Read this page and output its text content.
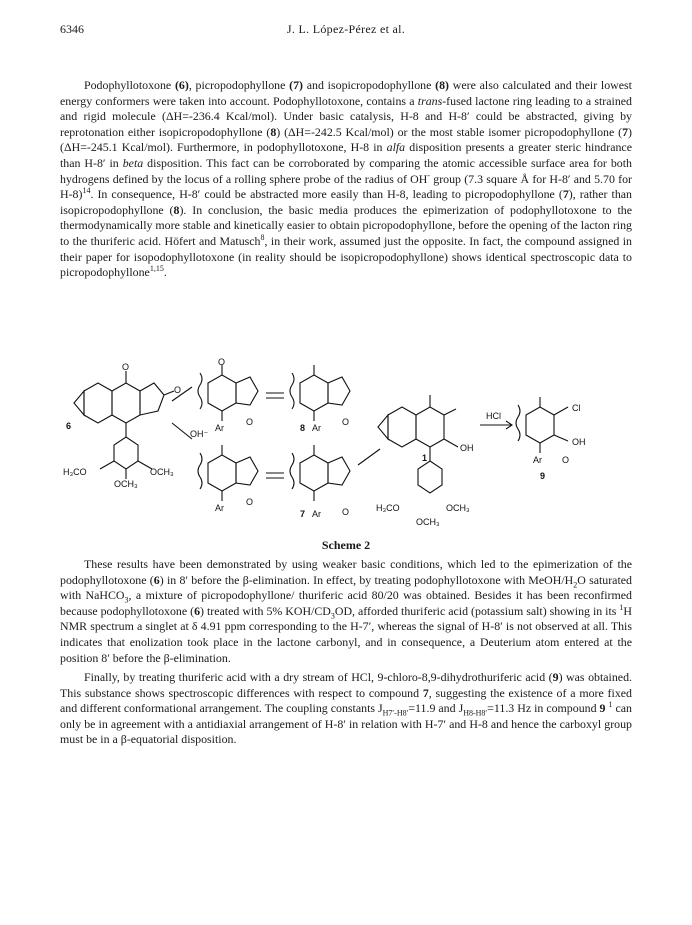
6346	J. L. López-Pérez et al.

Podophyllotoxone (6), picropodophyllone (7) and isopicropodophyllone (8) were also calculated and their lowest energy conformers were taken into account. Podophyllotoxone, contains a trans-fused lactone ring leading to a strained and rigid molecule (ΔH=-236.4 Kcal/mol). Under basic catalysis, H-8 and H-8′ could be abstracted, giving by reprotonation either isopicropodophyllone (8) (ΔH=-242.5 Kcal/mol) or the most stable isomer picropodophyllone (7) (ΔH=-245.1 Kcal/mol). Furthermore, in podophyllotoxone, H-8 in alfa disposition presents a greater steric hindrance than H-8′ in beta disposition. This fact can be corroborated by comparing the atomic accessible surface area for both hydrogens defined by the locus of a rolling sphere probe of the radius of OH- group (7.3 square Å for H-8′ and 5.70 for H-8)$^{14}$. In consequence, H-8′ could be abstracted more easily than H-8, leading to picropodophyllone (7), rather than isopicropodophyllone (8). In conclusion, the basic media produces the epimerization of podophyllotoxone to the thermodynamically more stable and kinetically easier to obtain picropodophyllone, before the opening of the lacton ring to the thuriferic acid. Höfert and Matusch$^8$, in their work, assumed just the opposite. In fact, the compound assigned in their paper for isopodophyllotoxone (in reality should be isopicropodophyllone) shows identical spectroscopic data to picropodophyllone$^{1,15}$.

O
O
6
H₃CO	OCH₃
OCH₃
OH⁻
O
Ar
O
8 Ar
O
Ar
O
7 Ar O
OH
1
H₃CO	OCH₃
OCH₃
HCl
Cl
OH
Ar O
9
Scheme 2

These results have been demonstrated by using weaker basic conditions, which led to the epimerization of the podophyllotoxone (6) in 8′ before the β-elimination. In effect, by treating podophyllotoxone with MeOH/$H_2O$ saturated with NaHCO$_3$, a mixture of picropodophyllone/ thuriferic acid 80/20 was obtained. Besides it has been reconfirmed because podophyllotoxone (6) treated with 5% KOH/$CD_3OD$, afforded thuriferic acid (potassium salt) showing in its $^1$H NMR spectrum a singlet at δ 4.91 ppm corresponding to the H-7′, whereas the signal of H-8′ is not observed at all. This indicates that enolization took place in the lactone carbonyl, and in consequence, a Deuterium atom entered at the position 8′ before the β-elimination.

Finally, by treating thuriferic acid with a dry stream of HCl, 9-chloro-8,9-dihydrothuriferic acid (9) was obtained. This substance shows spectroscopic differences with respect to compound 7, suggesting the existence of a more fixed and different conformational arrangement. The coupling constants $J_{H7'-H8'}=11.9$ and $J_{H8-H8'}=11.3$ Hz in compound 9 $^1$ can only be in agreement with a antidiaxial arrangement of H-8′ in relation with H-7′ and H-8 and hence the carboxyl group must be in a β-equatorial disposition.
